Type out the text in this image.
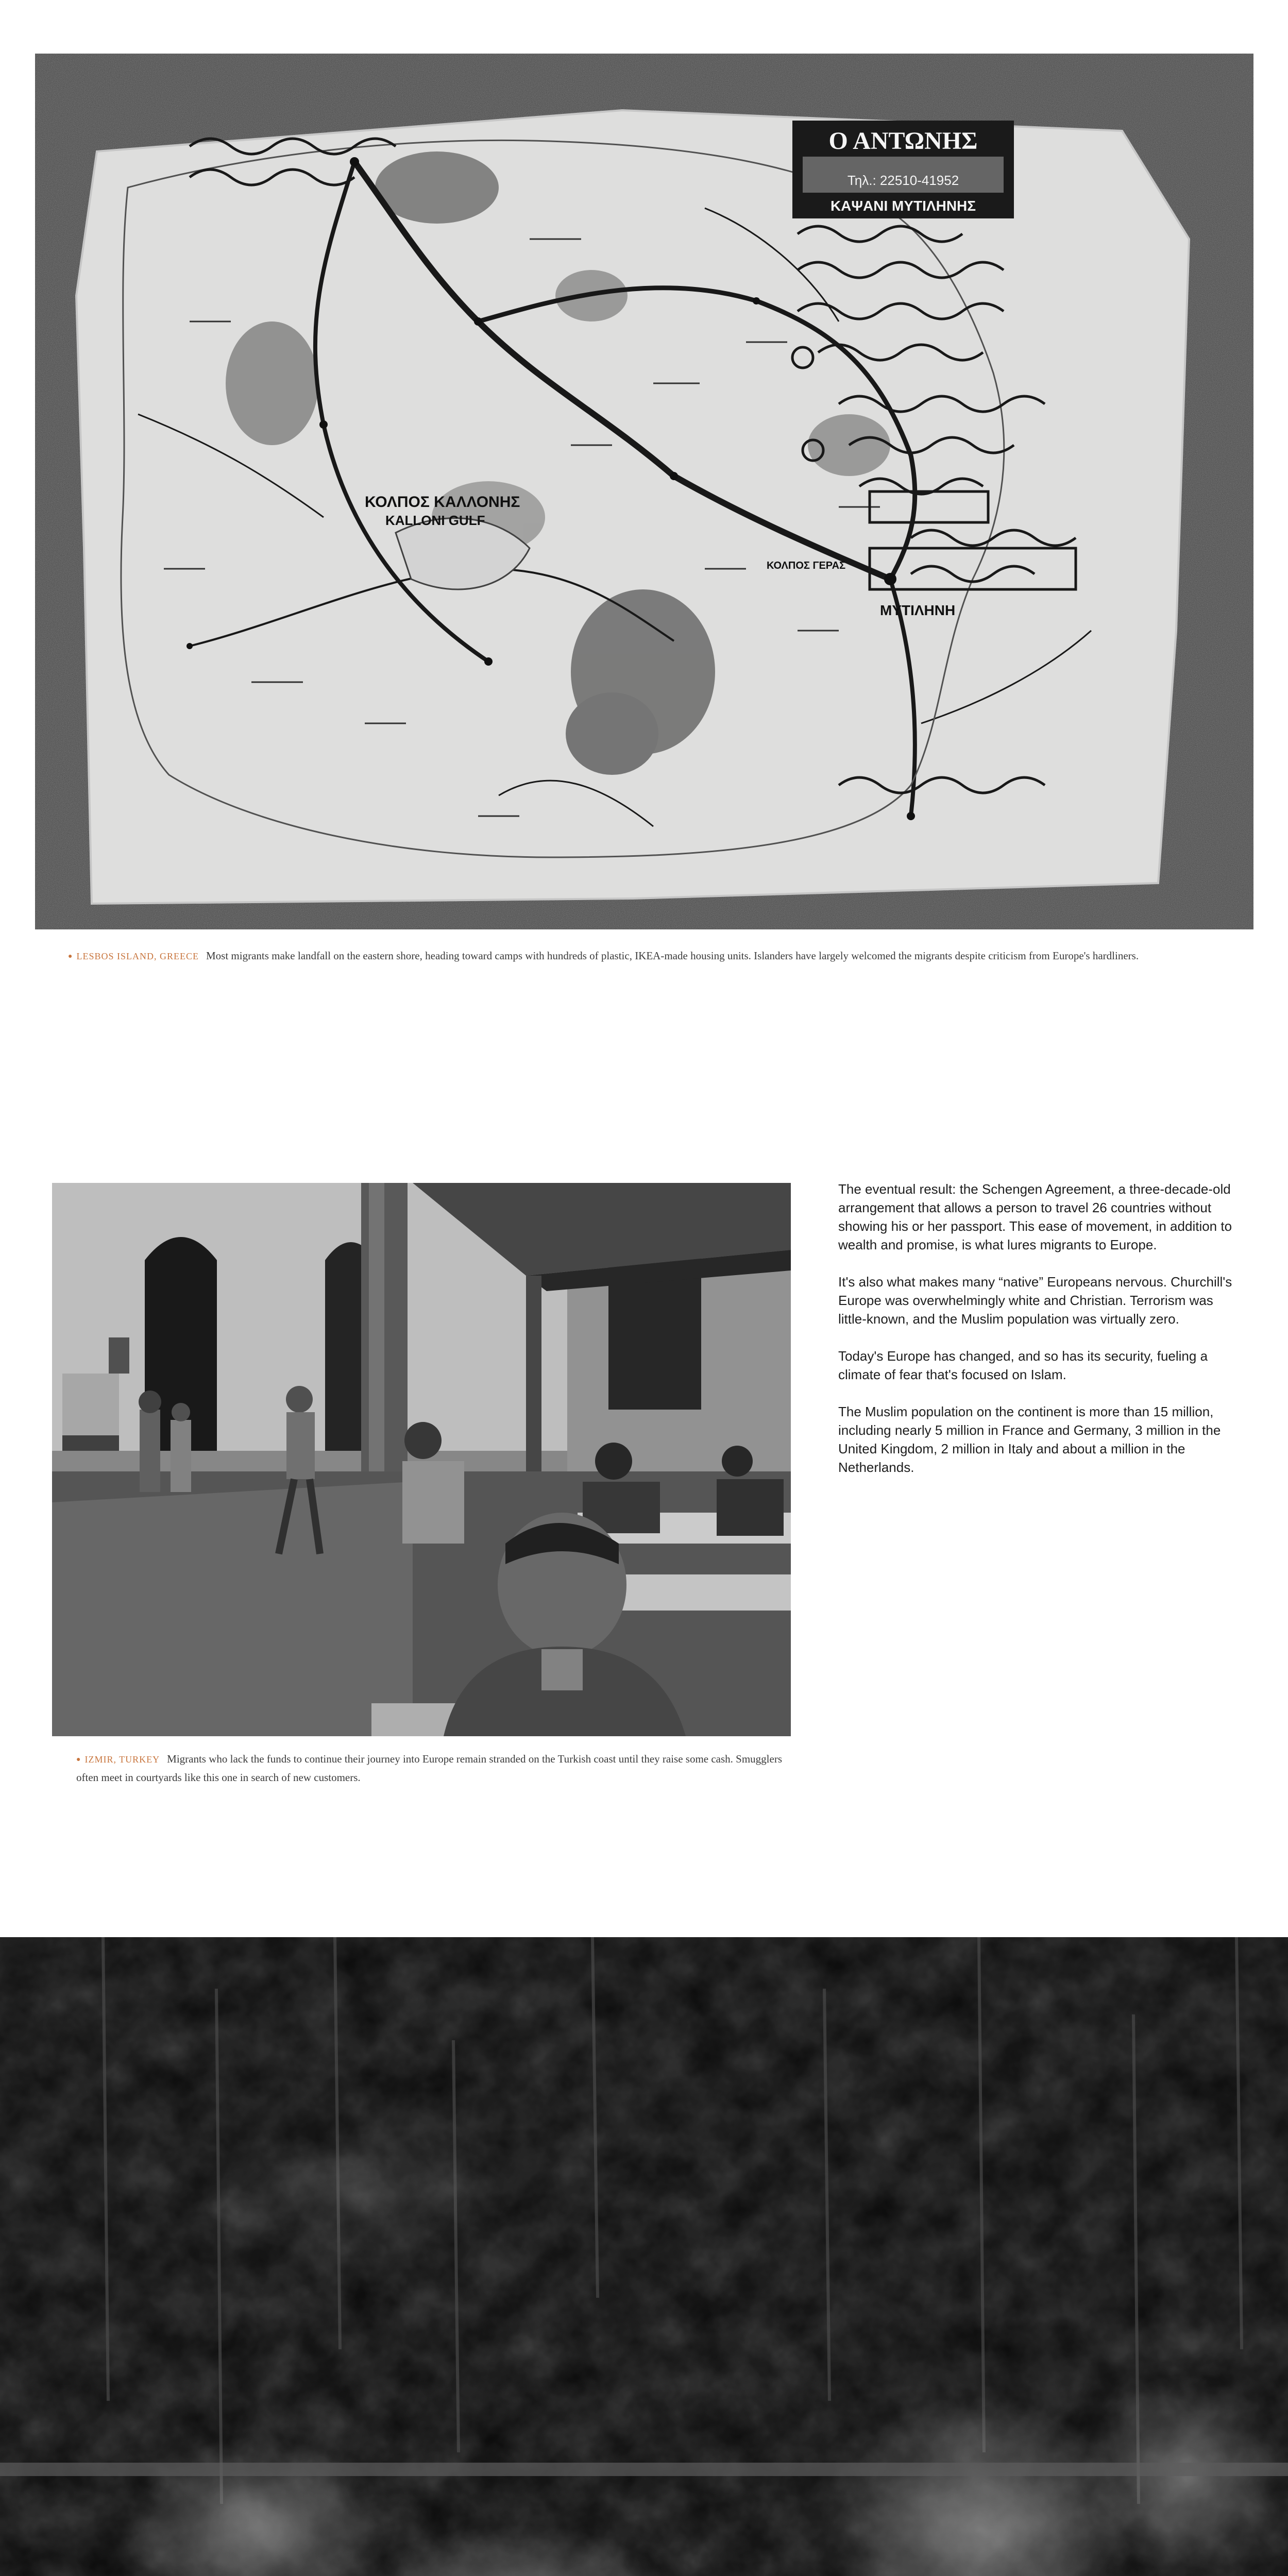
Ο ΑΝΤΩΝΗΣ
Τηλ.: 22510-41952
ΚΑΨΑΝΙ ΜΥΤΙΛΗΝΗΣ
ΚΟΛΠΟΣ ΚΑΛΛΟΝΗΣ
KALLONI GULF
ΜΥΤΙΛΗΝΗ
ΚΟΛΠΟΣ ΓΕΡΑΣ
● LESBOS ISLAND, GREECE Most migrants make landfall on the eastern shore, heading toward camps with hundreds of plastic, IKEA-made housing units. Islanders have largely welcomed the migrants despite criticism from Europe's hardliners.
● IZMIR, TURKEY Migrants who lack the funds to continue their journey into Europe remain stranded on the Turkish coast until they raise some cash. Smugglers often meet in courtyards like this one in search of new customers.

The eventual result: the Schengen Agreement, a three-decade-old arrangement that allows a person to travel 26 countries without showing his or her passport. This ease of movement, in addition to wealth and promise, is what lures migrants to Europe.

It's also what makes many “native” Europeans nervous. Churchill's Europe was overwhelmingly white and Christian. Terrorism was little-known, and the Muslim population was virtually zero.

Today's Europe has changed, and so has its security, fueling a climate of fear that's focused on Islam.

The Muslim population on the continent is more than 15 million, including nearly 5 million in France and Germany, 3 million in the United Kingdom, 2 million in Italy and about a million in the Netherlands.
